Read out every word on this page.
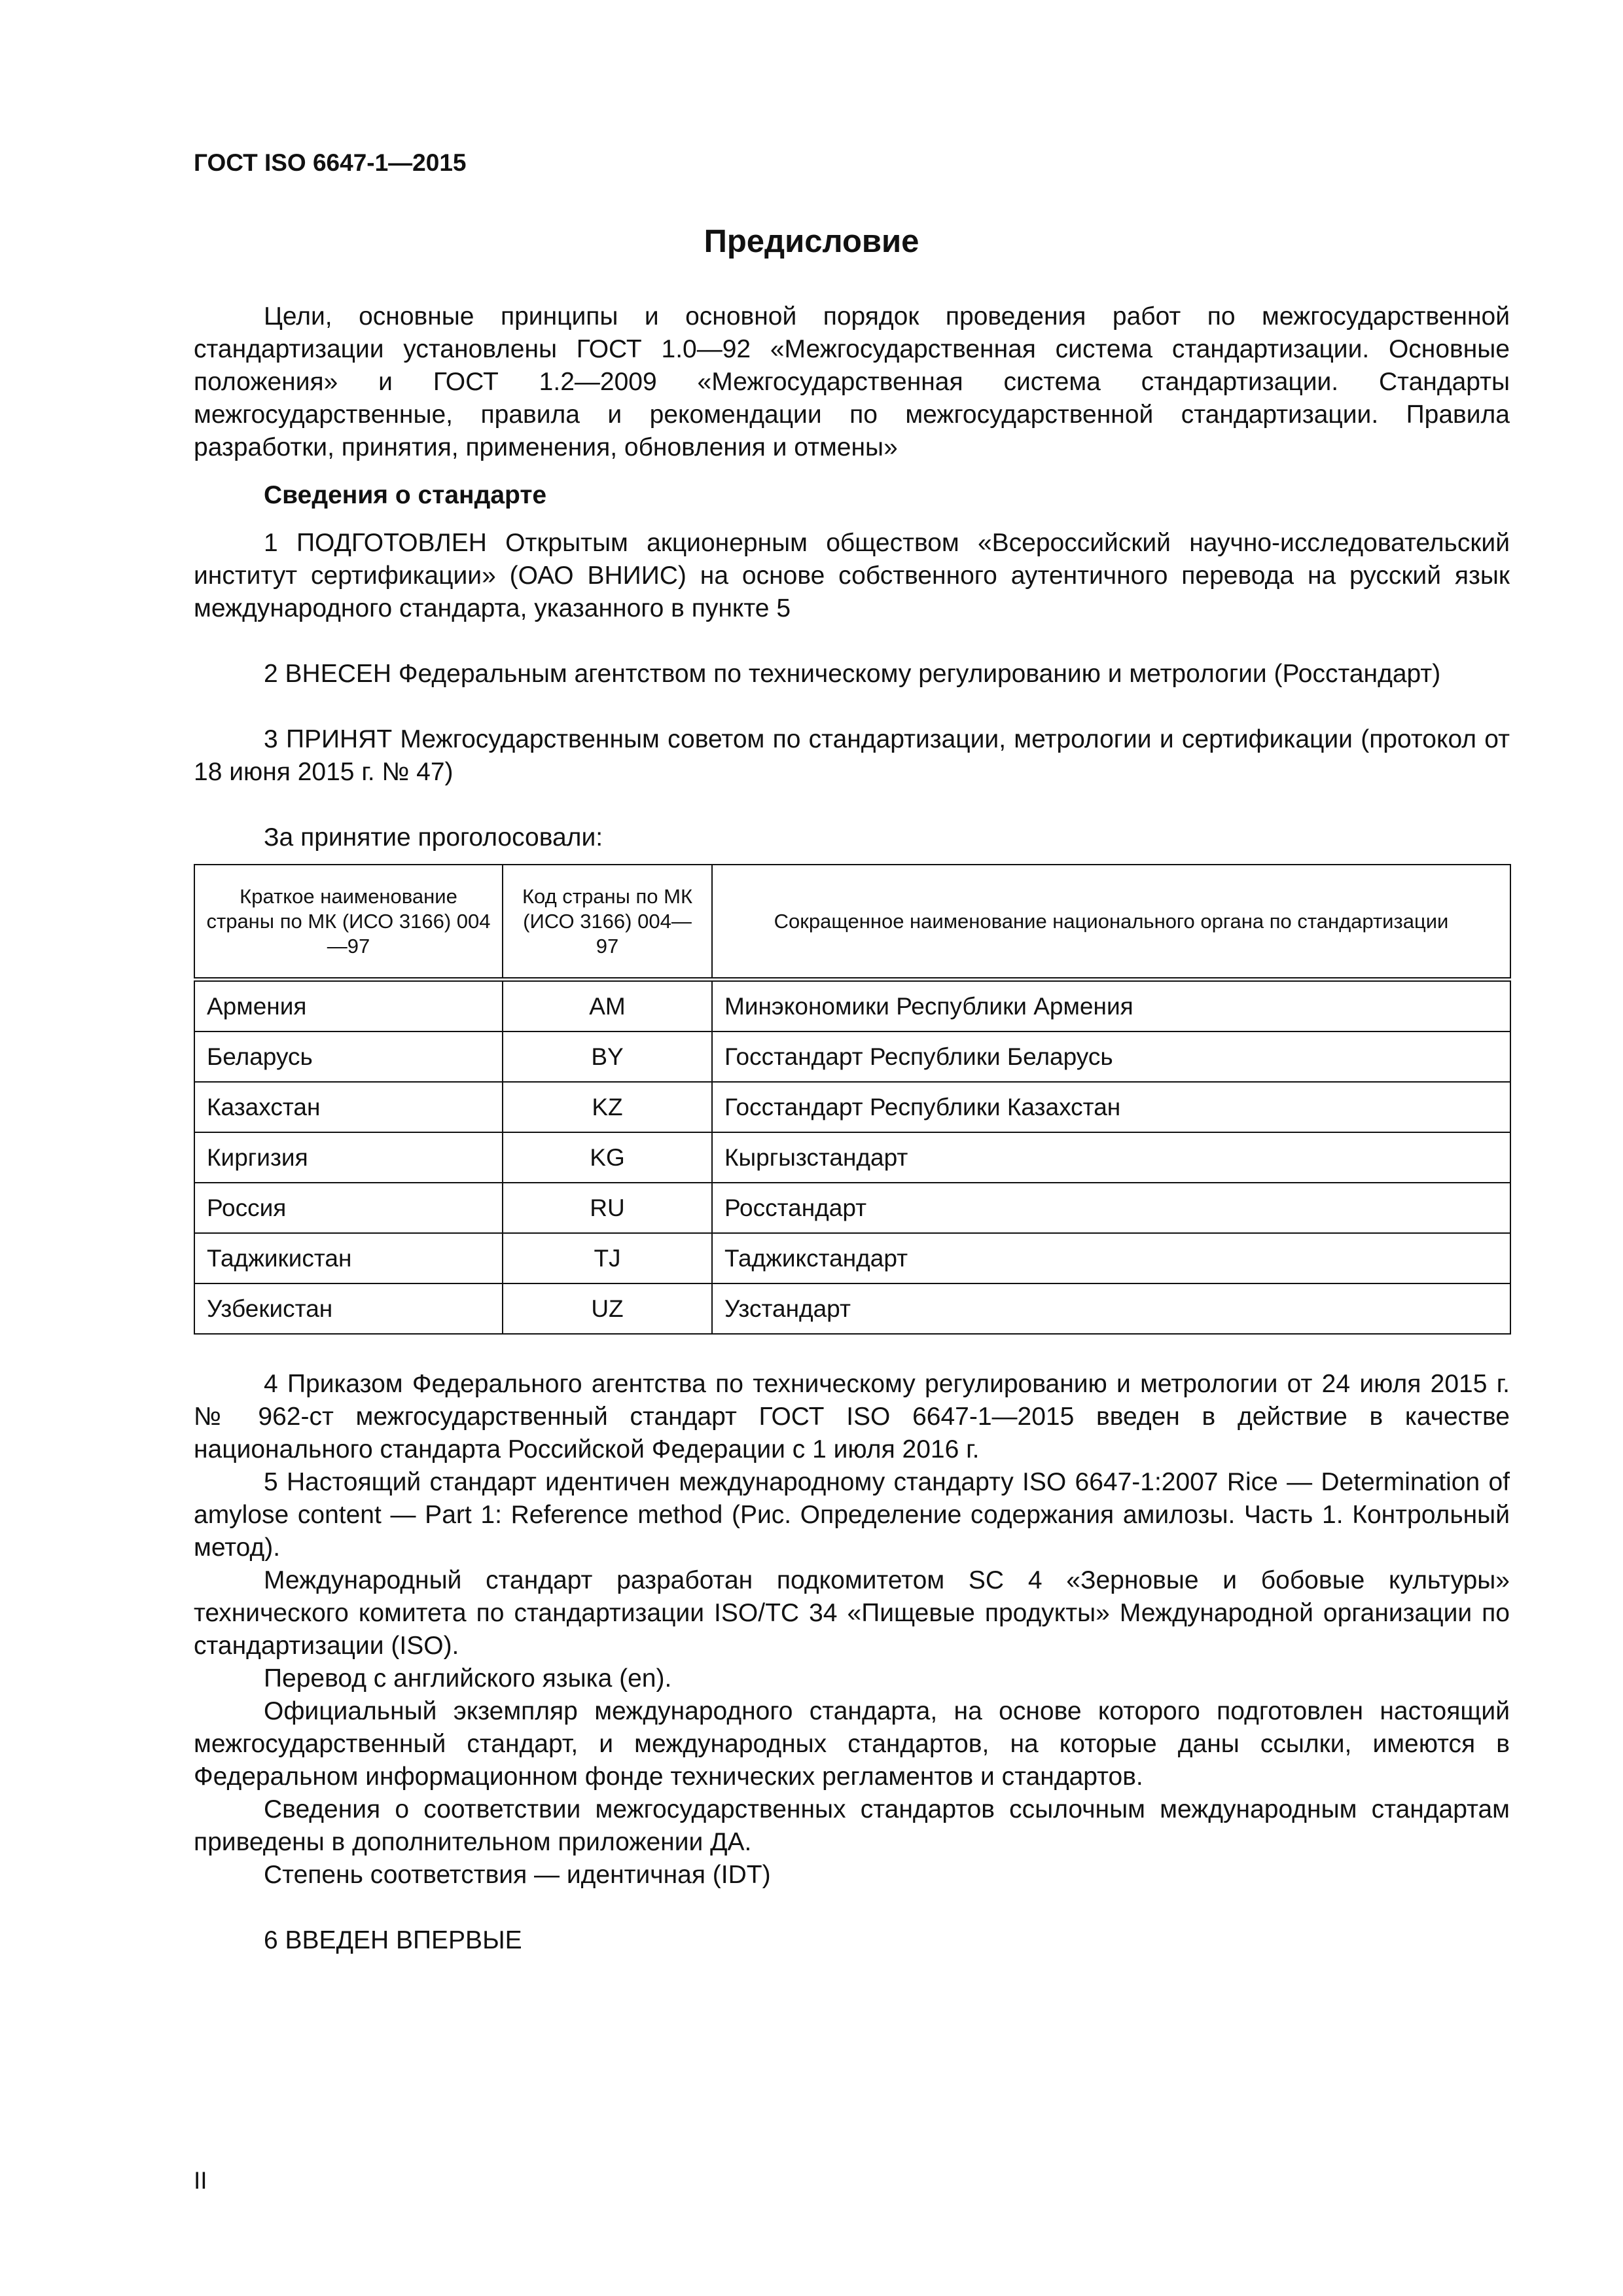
ГОСТ ISO 6647-1—2015
Предисловие

Цели, основные принципы и основной порядок проведения работ по межгосударственной стандартизации установлены ГОСТ 1.0—92 «Межгосударственная система стандартизации. Основные положения» и ГОСТ 1.2—2009 «Межгосударственная система стандартизации. Стандарты межгосударственные, правила и рекомендации по межгосударственной стандартизации. Правила разработки, принятия, применения, обновления и отмены»

Сведения о стандарте

1 ПОДГОТОВЛЕН Открытым акционерным обществом «Всероссийский научно-исследовательский институт сертификации» (ОАО ВНИИС) на основе собственного аутентичного перевода на русский язык международного стандарта, указанного в пункте 5

2 ВНЕСЕН Федеральным агентством по техническому регулированию и метрологии (Росстандарт)

3 ПРИНЯТ Межгосударственным советом по стандартизации, метрологии и сертификации (протокол от 18 июня 2015 г. № 47)

За принятие проголосовали:

Краткое наименование страны по МК (ИСО 3166) 004—97	Код страны по МК (ИСО 3166) 004—97	Сокращенное наименование национального органа по стандартизации
Армения	AM	Минэкономики Республики Армения
Беларусь	BY	Госстандарт Республики Беларусь
Казахстан	KZ	Госстандарт Республики Казахстан
Киргизия	KG	Кыргызстандарт
Россия	RU	Росстандарт
Таджикистан	TJ	Таджикстандарт
Узбекистан	UZ	Узстандарт

4 Приказом Федерального агентства по техническому регулированию и метрологии от 24 июля 2015 г. № 962-ст межгосударственный стандарт ГОСТ ISO 6647-1—2015 введен в действие в качестве национального стандарта Российской Федерации с 1 июля 2016 г.

5 Настоящий стандарт идентичен международному стандарту ISO 6647-1:2007 Rice — Determination of amylose content — Part 1: Reference method (Рис. Определение содержания амилозы. Часть 1. Контрольный метод).

Международный стандарт разработан подкомитетом SC 4 «Зерновые и бобовые культуры» технического комитета по стандартизации ISO/TC 34 «Пищевые продукты» Международной организации по стандартизации (ISO).

Перевод с английского языка (en).

Официальный экземпляр международного стандарта, на основе которого подготовлен настоящий межгосударственный стандарт, и международных стандартов, на которые даны ссылки, имеются в Федеральном информационном фонде технических регламентов и стандартов.

Сведения о соответствии межгосударственных стандартов ссылочным международным стандартам приведены в дополнительном приложении ДА.

Степень соответствия — идентичная (IDT)

6 ВВЕДЕН ВПЕРВЫЕ

II
